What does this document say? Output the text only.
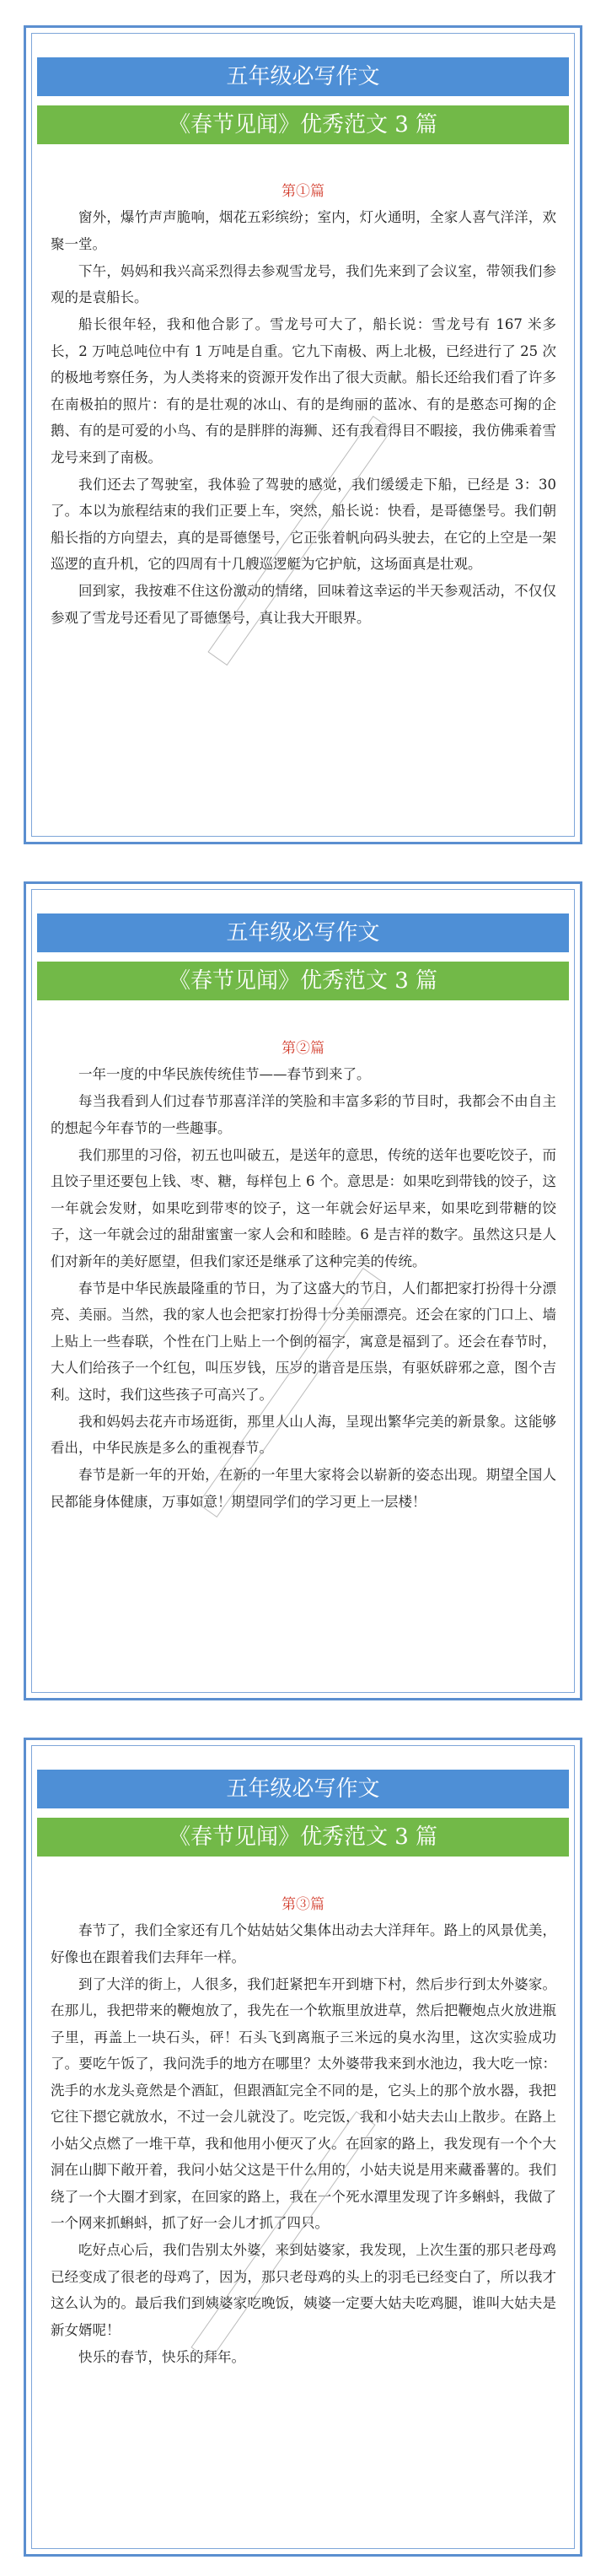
五年级必写作文
《春节见闻》优秀范文 3 篇
第①篇

窗外，爆竹声声脆响，烟花五彩缤纷；室内，灯火通明，全家人喜气洋洋，欢聚一堂。

下午，妈妈和我兴高采烈得去参观雪龙号，我们先来到了会议室，带领我们参观的是袁船长。

船长很年轻，我和他合影了。雪龙号可大了，船长说：雪龙号有 167 米多长，2 万吨总吨位中有 1 万吨是自重。它九下南极、两上北极，已经进行了 25 次的极地考察任务，为人类将来的资源开发作出了很大贡献。船长还给我们看了许多在南极拍的照片：有的是壮观的冰山、有的是绚丽的蓝冰、有的是憨态可掬的企鹅、有的是可爱的小鸟、有的是胖胖的海狮、还有我看得目不暇接，我仿佛乘着雪龙号来到了南极。

我们还去了驾驶室，我体验了驾驶的感觉，我们缓缓走下船，已经是 3：30 了。本以为旅程结束的我们正要上车，突然，船长说：快看，是哥德堡号。我们朝船长指的方向望去，真的是哥德堡号，它正张着帆向码头驶去，在它的上空是一架巡逻的直升机，它的四周有十几艘巡逻艇为它护航，这场面真是壮观。

回到家，我按难不住这份激动的情绪，回味着这幸运的半天参观活动，不仅仅参观了雪龙号还看见了哥德堡号，真让我大开眼界。

五年级必写作文
《春节见闻》优秀范文 3 篇
第②篇

一年一度的中华民族传统佳节——春节到来了。

每当我看到人们过春节那喜洋洋的笑脸和丰富多彩的节目时，我都会不由自主的想起今年春节的一些趣事。

我们那里的习俗，初五也叫破五，是送年的意思，传统的送年也要吃饺子，而且饺子里还要包上钱、枣、糖，每样包上 6 个。意思是：如果吃到带钱的饺子，这一年就会发财，如果吃到带枣的饺子，这一年就会好运早来，如果吃到带糖的饺子，这一年就会过的甜甜蜜蜜一家人会和和睦睦。6 是吉祥的数字。虽然这只是人们对新年的美好愿望，但我们家还是继承了这种完美的传统。

春节是中华民族最隆重的节日，为了这盛大的节日，人们都把家打扮得十分漂亮、美丽。当然，我的家人也会把家打扮得十分美丽漂亮。还会在家的门口上、墙上贴上一些春联，个性在门上贴上一个倒的福字，寓意是福到了。还会在春节时，大人们给孩子一个红包，叫压岁钱，压岁的谐音是压祟，有驱妖辟邪之意，图个吉利。这时，我们这些孩子可高兴了。

我和妈妈去花卉市场逛街，那里人山人海，呈现出繁华完美的新景象。这能够看出，中华民族是多么的重视春节。

春节是新一年的开始，在新的一年里大家将会以崭新的姿态出现。期望全国人民都能身体健康，万事如意！期望同学们的学习更上一层楼！

五年级必写作文
《春节见闻》优秀范文 3 篇
第③篇

春节了，我们全家还有几个姑姑姑父集体出动去大洋拜年。路上的风景优美，好像也在跟着我们去拜年一样。

到了大洋的街上，人很多，我们赶紧把车开到塘下村，然后步行到太外婆家。在那儿，我把带来的鞭炮放了，我先在一个软瓶里放进草，然后把鞭炮点火放进瓶子里，再盖上一块石头，砰！石头飞到离瓶子三米远的臭水沟里，这次实验成功了。要吃午饭了，我问洗手的地方在哪里？太外婆带我来到水池边，我大吃一惊：洗手的水龙头竟然是个酒缸，但跟酒缸完全不同的是，它头上的那个放水器，我把它往下摁它就放水，不过一会儿就没了。吃完饭，我和小姑夫去山上散步。在路上小姑父点燃了一堆干草，我和他用小便灭了火。在回家的路上，我发现有一个个大洞在山脚下敞开着，我问小姑父这是干什么用的，小姑夫说是用来藏番薯的。我们绕了一个大圈才到家，在回家的路上，我在一个死水潭里发现了许多蝌蚪，我做了一个网来抓蝌蚪，抓了好一会儿才抓了四只。

吃好点心后，我们告别太外婆，来到姑婆家，我发现，上次生蛋的那只老母鸡已经变成了很老的母鸡了，因为，那只老母鸡的头上的羽毛已经变白了，所以我才这么认为的。最后我们到姨婆家吃晚饭，姨婆一定要大姑夫吃鸡腿，谁叫大姑夫是新女婿呢！

快乐的春节，快乐的拜年。
